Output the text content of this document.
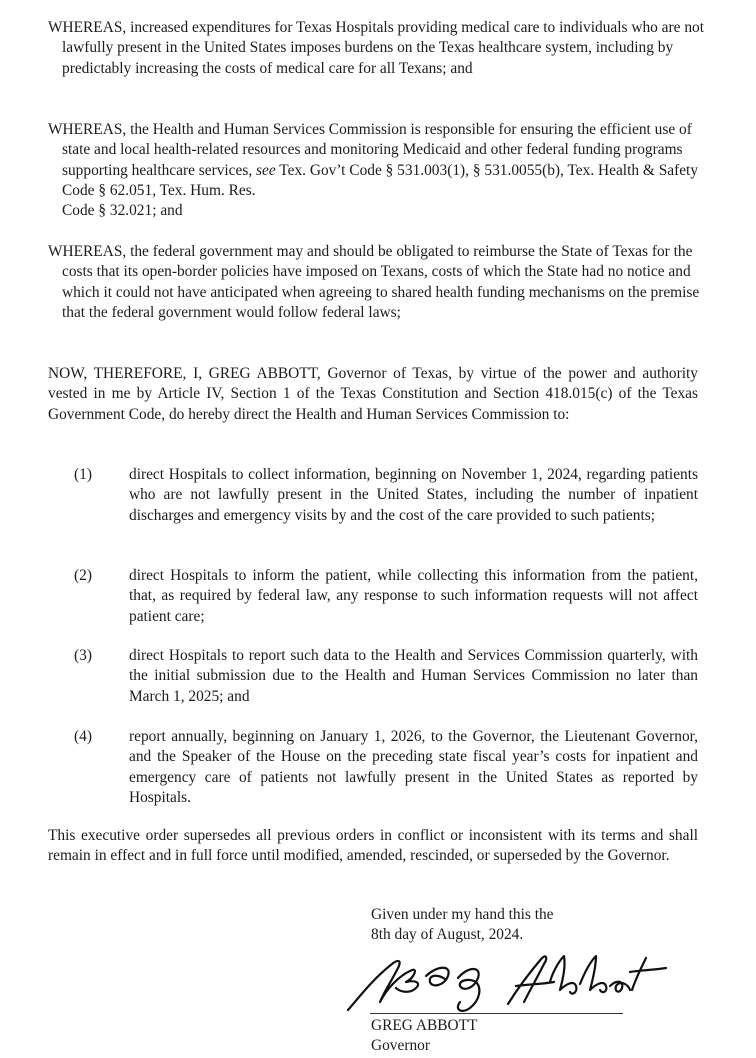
WHEREAS, increased expenditures for Texas Hospitals providing medical care to individuals who are not lawfully present in the United States imposes burdens on the Texas healthcare system, including by predictably increasing the costs of medical care for all Texans; and

WHEREAS, the Health and Human Services Commission is responsible for ensuring the efficient use of state and local health-related resources and monitoring Medicaid and other federal funding programs supporting healthcare services, see Tex. Gov’t Code § 531.003(1), § 531.0055(b), Tex. Health & Safety Code § 62.051, Tex. Hum. Res.
Code § 32.021; and

WHEREAS, the federal government may and should be obligated to reimburse the State of Texas for the costs that its open-border policies have imposed on Texans, costs of which the State had no notice and which it could not have anticipated when agreeing to shared health funding mechanisms on the premise that the federal government would follow federal laws;

NOW, THEREFORE, I, GREG ABBOTT, Governor of Texas, by virtue of the power and authority vested in me by Article IV, Section 1 of the Texas Constitution and Section 418.015(c) of the Texas Government Code, do hereby direct the Health and Human Services Commission to:

(1)	direct Hospitals to collect information, beginning on November 1, 2024, regarding patients who are not lawfully present in the United States, including the number of inpatient discharges and emergency visits by and the cost of the care provided to such patients;
(2)	direct Hospitals to inform the patient, while collecting this information from the patient, that, as required by federal law, any response to such information requests will not affect patient care;
(3)	direct Hospitals to report such data to the Health and Services Commission quarterly, with the initial submission due to the Health and Human Services Commission no later than March 1, 2025; and
(4)	report annually, beginning on January 1, 2026, to the Governor, the Lieutenant Governor, and the Speaker of the House on the preceding state fiscal year’s costs for inpatient and emergency care of patients not lawfully present in the United States as reported by Hospitals.

This executive order supersedes all previous orders in conflict or inconsistent with its terms and shall remain in effect and in full force until modified, amended, rescinded, or superseded by the Governor.

Given under my hand this the
8th day of August, 2024.
GREG ABBOTT
Governor
